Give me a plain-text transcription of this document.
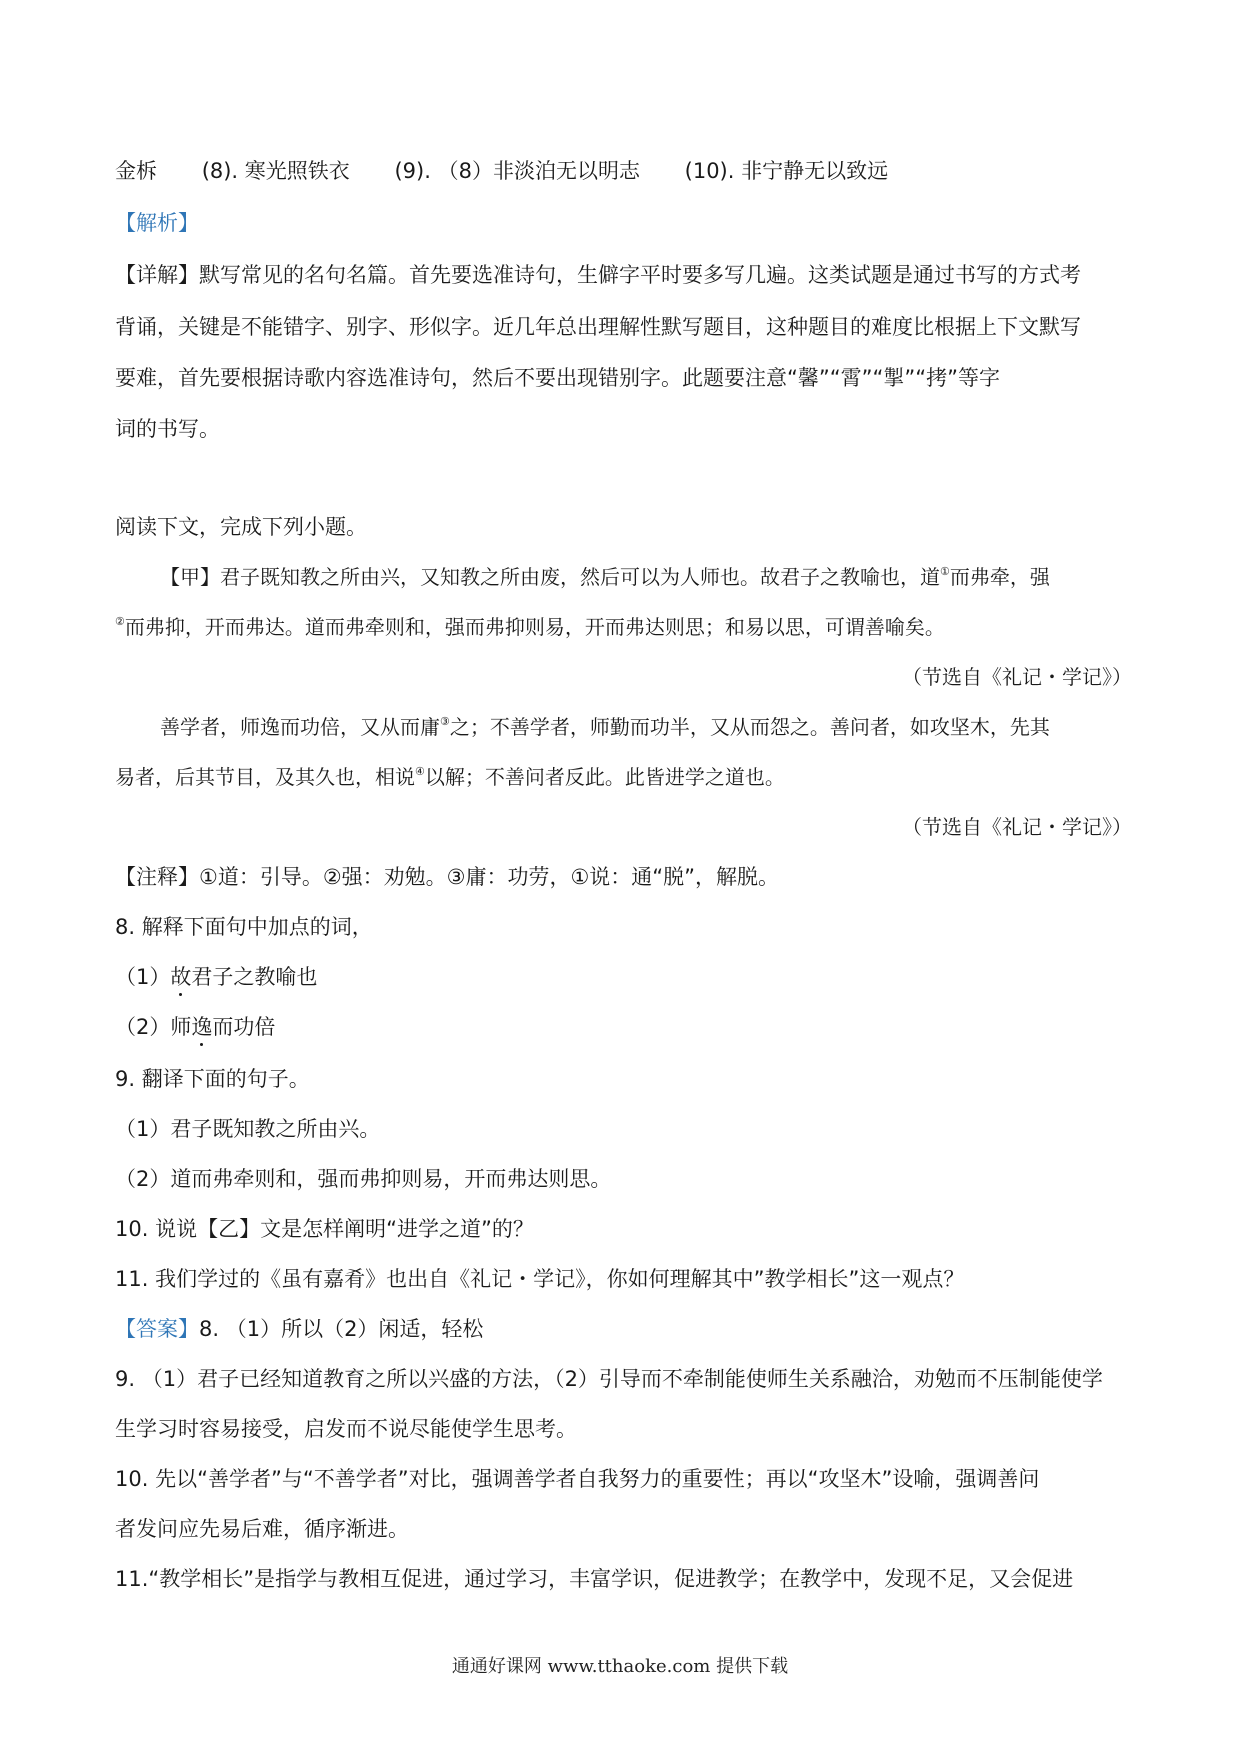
金柝 (8). 寒光照铁衣 (9). （8）非淡泊无以明志 (10). 非宁静无以致远
【解析】
【详解】默写常见的名句名篇。首先要选准诗句，生僻字平时要多写几遍。这类试题是通过书写的方式考
背诵，关键是不能错字、别字、形似字。近几年总出理解性默写题目，这种题目的难度比根据上下文默写
要难，首先要根据诗歌内容选准诗句，然后不要出现错别字。此题要注意“馨”“霄”“掣”“拷”等字
词的书写。
阅读下文，完成下列小题。
【甲】君子既知教之所由兴，又知教之所由废，然后可以为人师也。故君子之教喻也，道①而弗牵，强
②而弗抑，开而弗达。道而弗牵则和，强而弗抑则易，开而弗达则思；和易以思，可谓善喻矣。
（节选自《礼记・学记》）
善学者，师逸而功倍，又从而庸③之；不善学者，师勤而功半，又从而怨之。善问者，如攻坚木，先其
易者，后其节目，及其久也，相说④以解；不善问者反此。此皆进学之道也。
（节选自《礼记・学记》）
【注释】①道：引导。②强：劝勉。③庸：功劳，①说：通“脱”，解脱。
8. 解释下面句中加点的词，
（1）故君子之教喻也
（2）师逸而功倍
9. 翻译下面的句子。
（1）君子既知教之所由兴。
（2）道而弗牵则和，强而弗抑则易，开而弗达则思。
10. 说说【乙】文是怎样阐明“进学之道”的？
11. 我们学过的《虽有嘉肴》也出自《礼记・学记》，你如何理解其中”教学相长”这一观点？
【答案】8. （1）所以（2）闲适，轻松
9. （1）君子已经知道教育之所以兴盛的方法，（2）引导而不牵制能使师生关系融洽，劝勉而不压制能使学
生学习时容易接受，启发而不说尽能使学生思考。
10. 先以“善学者”与“不善学者”对比，强调善学者自我努力的重要性；再以“攻坚木”设喻，强调善问
者发问应先易后难，循序渐进。
11.“教学相长”是指学与教相互促进，通过学习，丰富学识，促进教学；在教学中，发现不足，又会促进
通通好课网 www.tthaoke.com 提供下载
